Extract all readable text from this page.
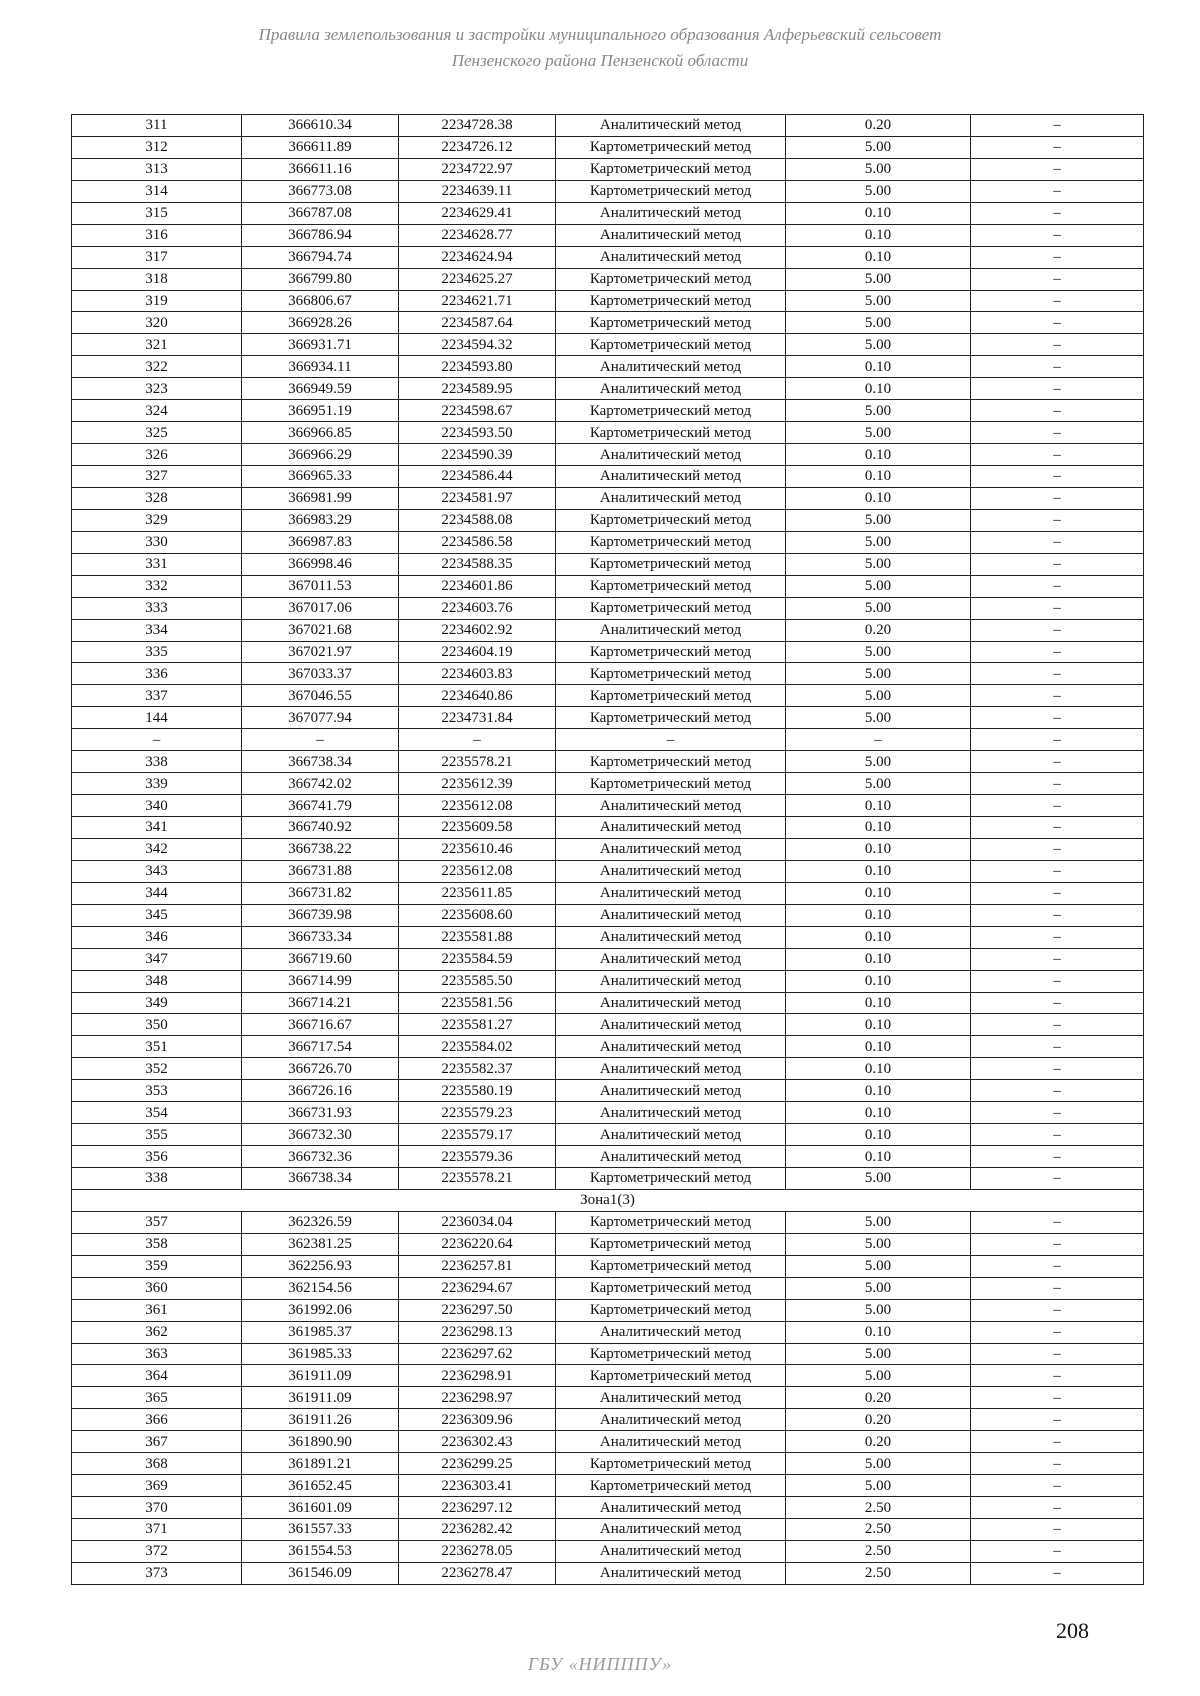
Правила землепользования и застройки муниципального образования Алферьевский сельсовет
Пензенского района Пензенской области
311	366610.34	2234728.38	Аналитический метод	0.20	–
312	366611.89	2234726.12	Картометрический метод	5.00	–
313	366611.16	2234722.97	Картометрический метод	5.00	–
314	366773.08	2234639.11	Картометрический метод	5.00	–
315	366787.08	2234629.41	Аналитический метод	0.10	–
316	366786.94	2234628.77	Аналитический метод	0.10	–
317	366794.74	2234624.94	Аналитический метод	0.10	–
318	366799.80	2234625.27	Картометрический метод	5.00	–
319	366806.67	2234621.71	Картометрический метод	5.00	–
320	366928.26	2234587.64	Картометрический метод	5.00	–
321	366931.71	2234594.32	Картометрический метод	5.00	–
322	366934.11	2234593.80	Аналитический метод	0.10	–
323	366949.59	2234589.95	Аналитический метод	0.10	–
324	366951.19	2234598.67	Картометрический метод	5.00	–
325	366966.85	2234593.50	Картометрический метод	5.00	–
326	366966.29	2234590.39	Аналитический метод	0.10	–
327	366965.33	2234586.44	Аналитический метод	0.10	–
328	366981.99	2234581.97	Аналитический метод	0.10	–
329	366983.29	2234588.08	Картометрический метод	5.00	–
330	366987.83	2234586.58	Картометрический метод	5.00	–
331	366998.46	2234588.35	Картометрический метод	5.00	–
332	367011.53	2234601.86	Картометрический метод	5.00	–
333	367017.06	2234603.76	Картометрический метод	5.00	–
334	367021.68	2234602.92	Аналитический метод	0.20	–
335	367021.97	2234604.19	Картометрический метод	5.00	–
336	367033.37	2234603.83	Картометрический метод	5.00	–
337	367046.55	2234640.86	Картометрический метод	5.00	–
144	367077.94	2234731.84	Картометрический метод	5.00	–
–	–	–	–	–	–
338	366738.34	2235578.21	Картометрический метод	5.00	–
339	366742.02	2235612.39	Картометрический метод	5.00	–
340	366741.79	2235612.08	Аналитический метод	0.10	–
341	366740.92	2235609.58	Аналитический метод	0.10	–
342	366738.22	2235610.46	Аналитический метод	0.10	–
343	366731.88	2235612.08	Аналитический метод	0.10	–
344	366731.82	2235611.85	Аналитический метод	0.10	–
345	366739.98	2235608.60	Аналитический метод	0.10	–
346	366733.34	2235581.88	Аналитический метод	0.10	–
347	366719.60	2235584.59	Аналитический метод	0.10	–
348	366714.99	2235585.50	Аналитический метод	0.10	–
349	366714.21	2235581.56	Аналитический метод	0.10	–
350	366716.67	2235581.27	Аналитический метод	0.10	–
351	366717.54	2235584.02	Аналитический метод	0.10	–
352	366726.70	2235582.37	Аналитический метод	0.10	–
353	366726.16	2235580.19	Аналитический метод	0.10	–
354	366731.93	2235579.23	Аналитический метод	0.10	–
355	366732.30	2235579.17	Аналитический метод	0.10	–
356	366732.36	2235579.36	Аналитический метод	0.10	–
338	366738.34	2235578.21	Картометрический метод	5.00	–
Зона1(3)					
357	362326.59	2236034.04	Картометрический метод	5.00	–
358	362381.25	2236220.64	Картометрический метод	5.00	–
359	362256.93	2236257.81	Картометрический метод	5.00	–
360	362154.56	2236294.67	Картометрический метод	5.00	–
361	361992.06	2236297.50	Картометрический метод	5.00	–
362	361985.37	2236298.13	Аналитический метод	0.10	–
363	361985.33	2236297.62	Картометрический метод	5.00	–
364	361911.09	2236298.91	Картометрический метод	5.00	–
365	361911.09	2236298.97	Аналитический метод	0.20	–
366	361911.26	2236309.96	Аналитический метод	0.20	–
367	361890.90	2236302.43	Аналитический метод	0.20	–
368	361891.21	2236299.25	Картометрический метод	5.00	–
369	361652.45	2236303.41	Картометрический метод	5.00	–
370	361601.09	2236297.12	Аналитический метод	2.50	–
371	361557.33	2236282.42	Аналитический метод	2.50	–
372	361554.53	2236278.05	Аналитический метод	2.50	–
373	361546.09	2236278.47	Аналитический метод	2.50	–
208
ГБУ «НИПППУ»
